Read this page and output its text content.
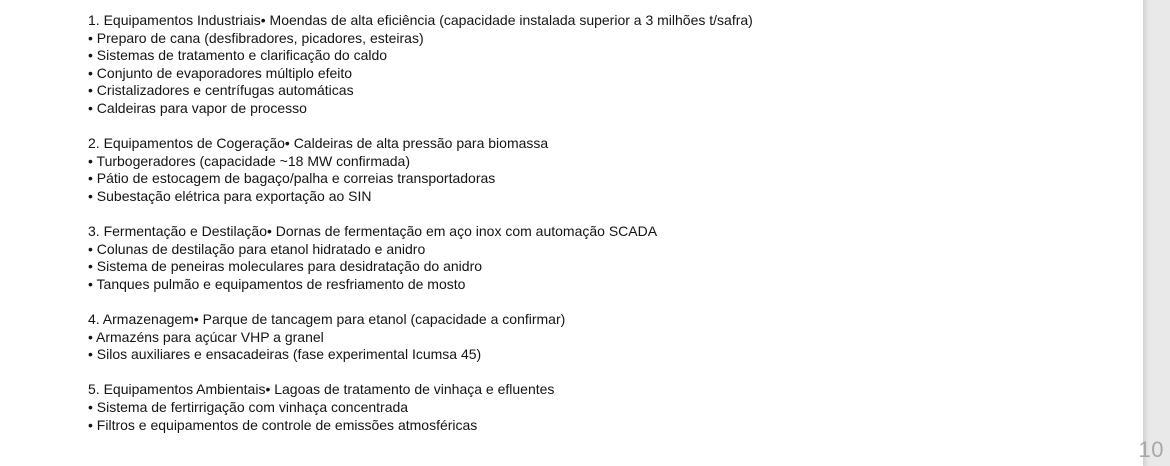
1. Equipamentos Industriais• Moendas de alta eficiência (capacidade instalada superior a 3 milhões t/safra)
• Preparo de cana (desfibradores, picadores, esteiras)
• Sistemas de tratamento e clarificação do caldo
• Conjunto de evaporadores múltiplo efeito
• Cristalizadores e centrífugas automáticas
• Caldeiras para vapor de processo
2. Equipamentos de Cogeração• Caldeiras de alta pressão para biomassa
• Turbogeradores (capacidade ~18 MW confirmada)
• Pátio de estocagem de bagaço/palha e correias transportadoras
• Subestação elétrica para exportação ao SIN
3. Fermentação e Destilação• Dornas de fermentação em aço inox com automação SCADA
• Colunas de destilação para etanol hidratado e anidro
• Sistema de peneiras moleculares para desidratação do anidro
• Tanques pulmão e equipamentos de resfriamento de mosto
4. Armazenagem• Parque de tancagem para etanol (capacidade a confirmar)
• Armazéns para açúcar VHP a granel
• Silos auxiliares e ensacadeiras (fase experimental Icumsa 45)
5. Equipamentos Ambientais• Lagoas de tratamento de vinhaça e efluentes
• Sistema de fertirrigação com vinhaça concentrada
• Filtros e equipamentos de controle de emissões atmosféricas
10
